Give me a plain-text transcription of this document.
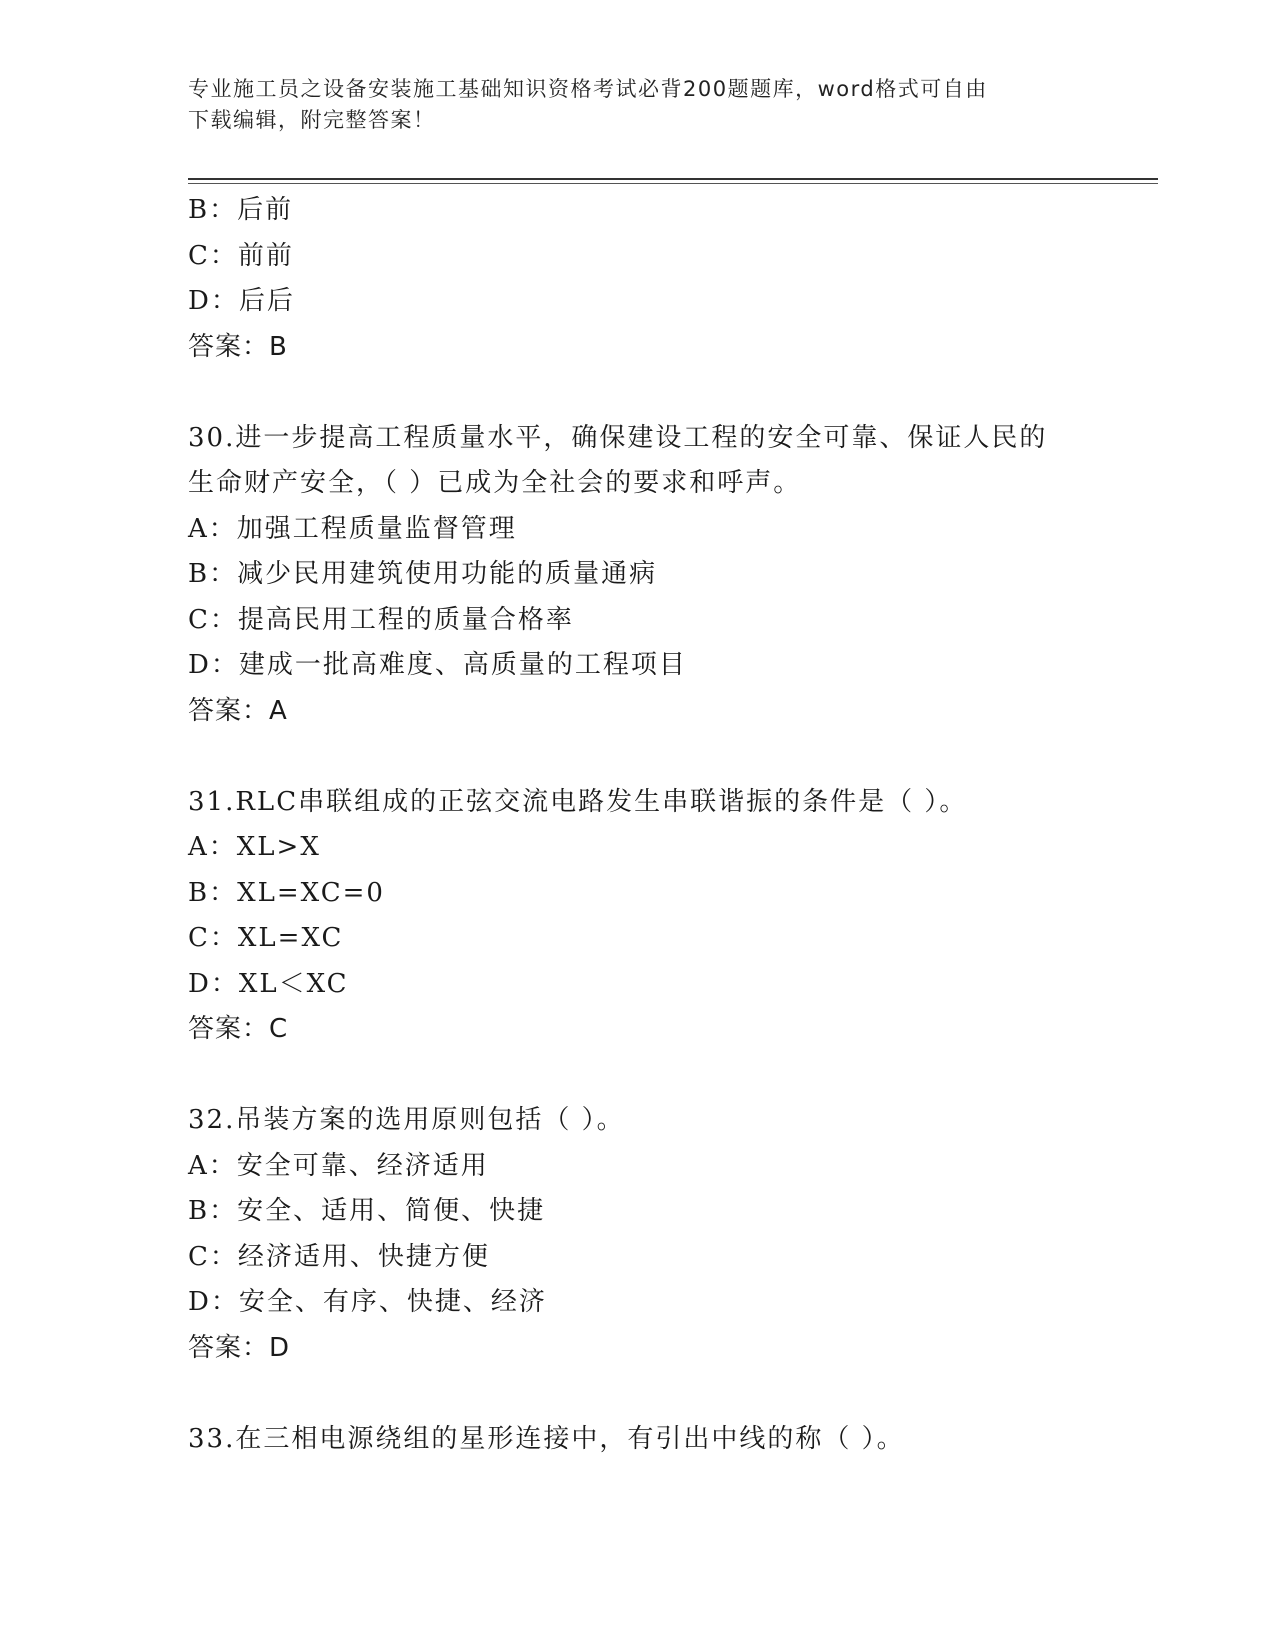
专业施工员之设备安装施工基础知识资格考试必背200题题库，word格式可自由
下载编辑，附完整答案！
B：后前
C：前前
D：后后
答案：B
30.进一步提高工程质量水平，确保建设工程的安全可靠、保证人民的
生命财产安全，（ ）已成为全社会的要求和呼声。
A：加强工程质量监督管理
B：减少民用建筑使用功能的质量通病
C：提高民用工程的质量合格率
D：建成一批高难度、高质量的工程项目
答案：A
31.RLC串联组成的正弦交流电路发生串联谐振的条件是（ ）。
A：XL>X
B：XL=XC=0
C：XL=XC
D：XL＜XC
答案：C
32.吊装方案的选用原则包括（ ）。
A：安全可靠、经济适用
B：安全、适用、简便、快捷
C：经济适用、快捷方便
D：安全、有序、快捷、经济
答案：D
33.在三相电源绕组的星形连接中，有引出中线的称（ ）。
